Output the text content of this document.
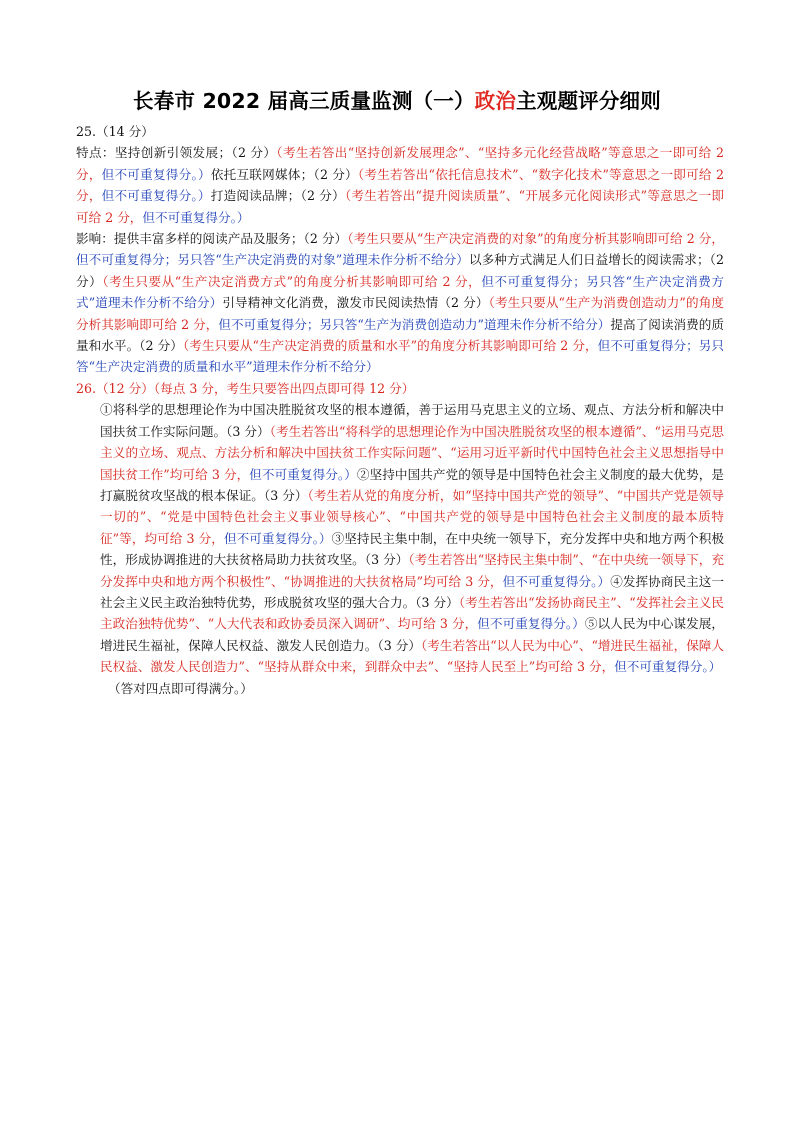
长春市 2022 届高三质量监测（一）政治主观题评分细则

25.（14 分）

特点：坚持创新引领发展；（2 分）（考生若答出“坚持创新发展理念”、“坚持多元化经营战略”等意思之一即可给 2 分，但不可重复得分。）依托互联网媒体；（2 分）（考生若答出“依托信息技术”、“数字化技术”等意思之一即可给 2 分，但不可重复得分。）打造阅读品牌；（2 分）（考生若答出“提升阅读质量”、“开展多元化阅读形式”等意思之一即可给 2 分，但不可重复得分。）

影响：提供丰富多样的阅读产品及服务；（2 分）（考生只要从“生产决定消费的对象”的角度分析其影响即可给 2 分，但不可重复得分；另只答“生产决定消费的对象”道理未作分析不给分）以多种方式满足人们日益增长的阅读需求；（2 分）（考生只要从“生产决定消费方式”的角度分析其影响即可给 2 分，但不可重复得分；另只答“生产决定消费方式”道理未作分析不给分）引导精神文化消费，激发市民阅读热情（2 分）（考生只要从“生产为消费创造动力”的角度分析其影响即可给 2 分，但不可重复得分；另只答“生产为消费创造动力”道理未作分析不给分）提高了阅读消费的质量和水平。（2 分）（考生只要从“生产决定消费的质量和水平”的角度分析其影响即可给 2 分，但不可重复得分；另只答“生产决定消费的质量和水平”道理未作分析不给分）

26.（12 分）（每点 3 分，考生只要答出四点即可得 12 分）

①将科学的思想理论作为中国决胜脱贫攻坚的根本遵循，善于运用马克思主义的立场、观点、方法分析和解决中国扶贫工作实际问题。（3 分）（考生若答出“将科学的思想理论作为中国决胜脱贫攻坚的根本遵循”、“运用马克思主义的立场、观点、方法分析和解决中国扶贫工作实际问题”、“运用习近平新时代中国特色社会主义思想指导中国扶贫工作”均可给 3 分，但不可重复得分。）②坚持中国共产党的领导是中国特色社会主义制度的最大优势，是打赢脱贫攻坚战的根本保证。（3 分）（考生若从党的角度分析，如“坚持中国共产党的领导”、“中国共产党是领导一切的”、“党是中国特色社会主义事业领导核心”、“中国共产党的领导是中国特色社会主义制度的最本质特征”等，均可给 3 分，但不可重复得分。）③坚持民主集中制，在中央统一领导下，充分发挥中央和地方两个积极性，形成协调推进的大扶贫格局助力扶贫攻坚。（3 分）（考生若答出“坚持民主集中制”、“在中央统一领导下，充分发挥中央和地方两个积极性”、“协调推进的大扶贫格局”均可给 3 分，但不可重复得分。）④发挥协商民主这一社会主义民主政治独特优势，形成脱贫攻坚的强大合力。（3 分）（考生若答出“发扬协商民主”、“发挥社会主义民主政治独特优势”、“人大代表和政协委员深入调研”、均可给 3 分，但不可重复得分。）⑤以人民为中心谋发展，增进民生福祉，保障人民权益、激发人民创造力。（3 分）（考生若答出“以人民为中心”、“增进民生福祉，保障人民权益、激发人民创造力”、“坚持从群众中来，到群众中去”、“坚持人民至上”均可给 3 分，但不可重复得分。）

（答对四点即可得满分。）
